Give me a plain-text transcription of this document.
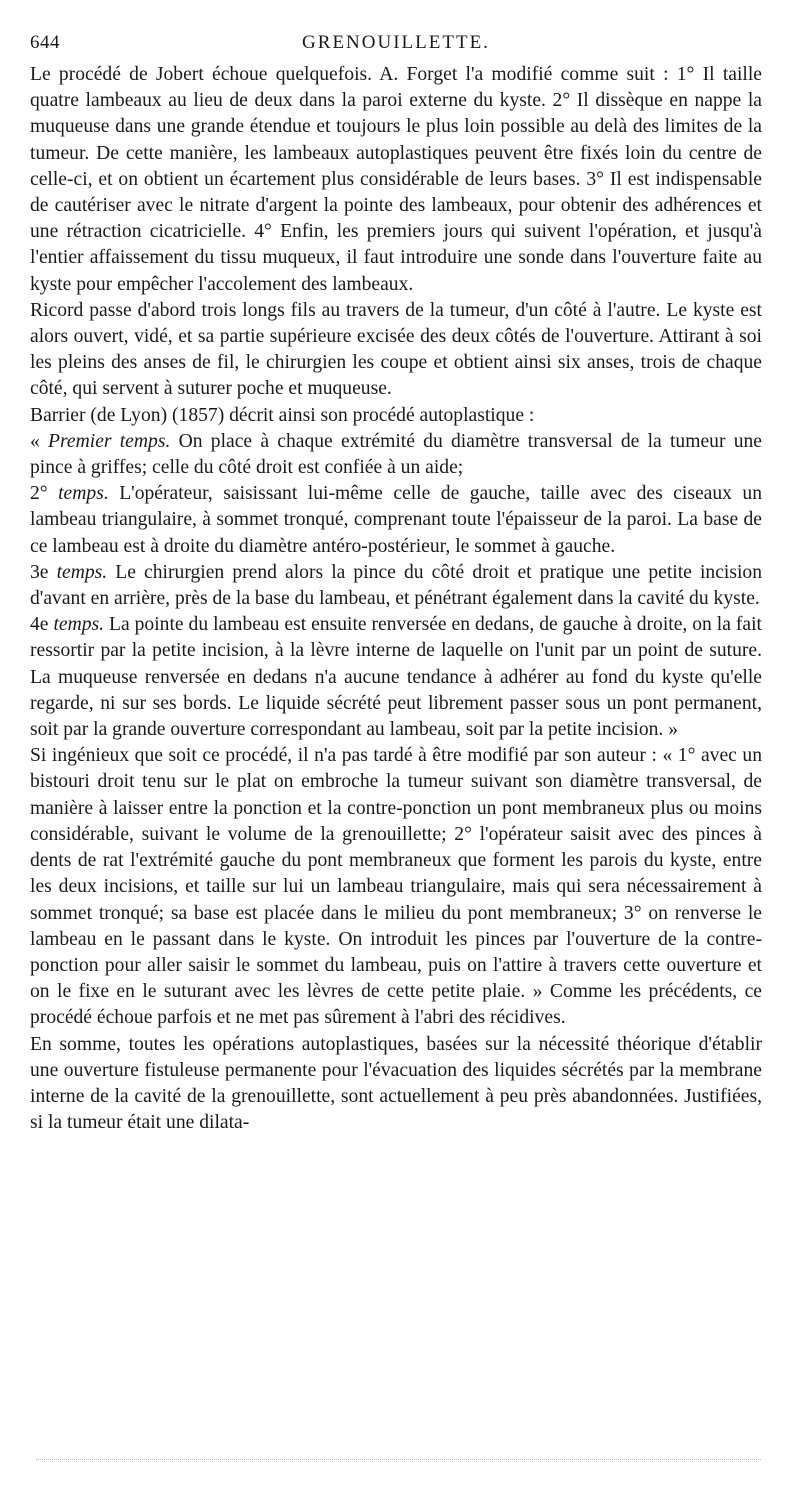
644	GRENOUILLETTE.

Le procédé de Jobert échoue quelquefois. A. Forget l'a modifié comme suit : 1° Il taille quatre lambeaux au lieu de deux dans la paroi externe du kyste. 2° Il dissèque en nappe la muqueuse dans une grande étendue et toujours le plus loin possible au delà des limites de la tumeur. De cette manière, les lambeaux autoplastiques peuvent être fixés loin du centre de celle-ci, et on obtient un écartement plus considérable de leurs bases. 3° Il est indispensable de cautériser avec le nitrate d'argent la pointe des lambeaux, pour obtenir des adhérences et une rétraction cicatricielle. 4° Enfin, les premiers jours qui suivent l'opération, et jusqu'à l'entier affaissement du tissu muqueux, il faut introduire une sonde dans l'ouverture faite au kyste pour empêcher l'accolement des lambeaux.

Ricord passe d'abord trois longs fils au travers de la tumeur, d'un côté à l'autre. Le kyste est alors ouvert, vidé, et sa partie supérieure excisée des deux côtés de l'ouverture. Attirant à soi les pleins des anses de fil, le chirurgien les coupe et obtient ainsi six anses, trois de chaque côté, qui servent à suturer poche et muqueuse.

Barrier (de Lyon) (1857) décrit ainsi son procédé autoplastique :

« Premier temps. On place à chaque extrémité du diamètre transversal de la tumeur une pince à griffes; celle du côté droit est confiée à un aide;

2° temps. L'opérateur, saisissant lui-même celle de gauche, taille avec des ciseaux un lambeau triangulaire, à sommet tronqué, comprenant toute l'épaisseur de la paroi. La base de ce lambeau est à droite du diamètre antéro-postérieur, le sommet à gauche.

3e temps. Le chirurgien prend alors la pince du côté droit et pratique une petite incision d'avant en arrière, près de la base du lambeau, et pénétrant également dans la cavité du kyste.

4e temps. La pointe du lambeau est ensuite renversée en dedans, de gauche à droite, on la fait ressortir par la petite incision, à la lèvre interne de laquelle on l'unit par un point de suture. La muqueuse renversée en dedans n'a aucune tendance à adhérer au fond du kyste qu'elle regarde, ni sur ses bords. Le liquide sécrété peut librement passer sous un pont permanent, soit par la grande ouverture correspondant au lambeau, soit par la petite incision. »

Si ingénieux que soit ce procédé, il n'a pas tardé à être modifié par son auteur : « 1° avec un bistouri droit tenu sur le plat on embroche la tumeur suivant son diamètre transversal, de manière à laisser entre la ponction et la contre-ponction un pont membraneux plus ou moins considérable, suivant le volume de la grenouillette; 2° l'opérateur saisit avec des pinces à dents de rat l'extrémité gauche du pont membraneux que forment les parois du kyste, entre les deux incisions, et taille sur lui un lambeau triangulaire, mais qui sera nécessairement à sommet tronqué; sa base est placée dans le milieu du pont membraneux; 3° on renverse le lambeau en le passant dans le kyste. On introduit les pinces par l'ouverture de la contre-ponction pour aller saisir le sommet du lambeau, puis on l'attire à travers cette ouverture et on le fixe en le suturant avec les lèvres de cette petite plaie. » Comme les précédents, ce procédé échoue parfois et ne met pas sûrement à l'abri des récidives.

En somme, toutes les opérations autoplastiques, basées sur la nécessité théorique d'établir une ouverture fistuleuse permanente pour l'évacuation des liquides sécrétés par la membrane interne de la cavité de la grenouillette, sont actuellement à peu près abandonnées. Justifiées, si la tumeur était une dilata-
